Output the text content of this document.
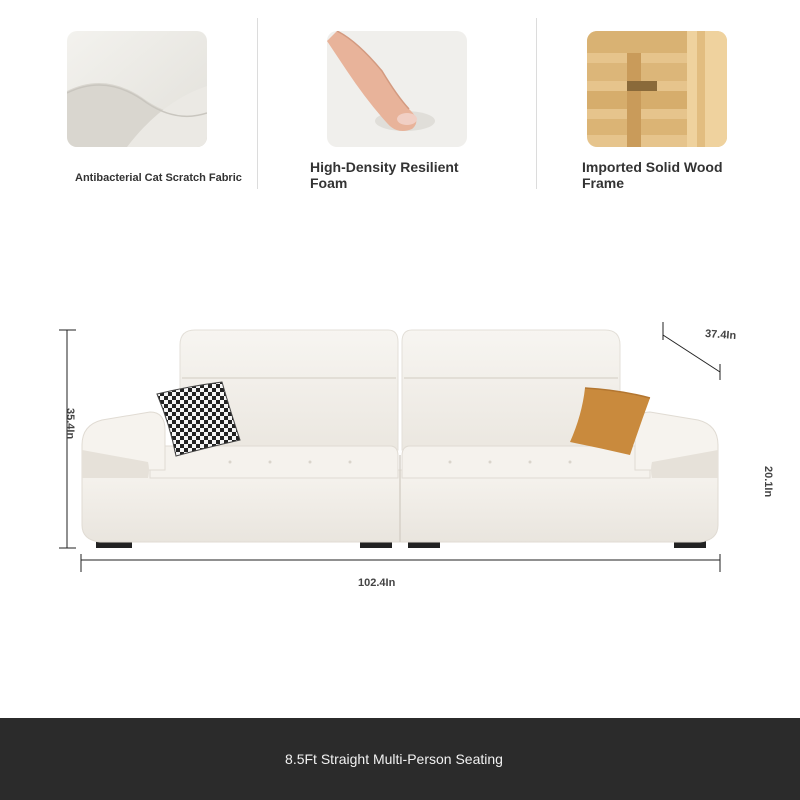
Antibacterial Cat Scratch Fabric
High-Density Resilient Foam
Imported Solid Wood Frame
35.4In
37.4In
20.1In
102.4In
8.5Ft Straight Multi-Person Seating
